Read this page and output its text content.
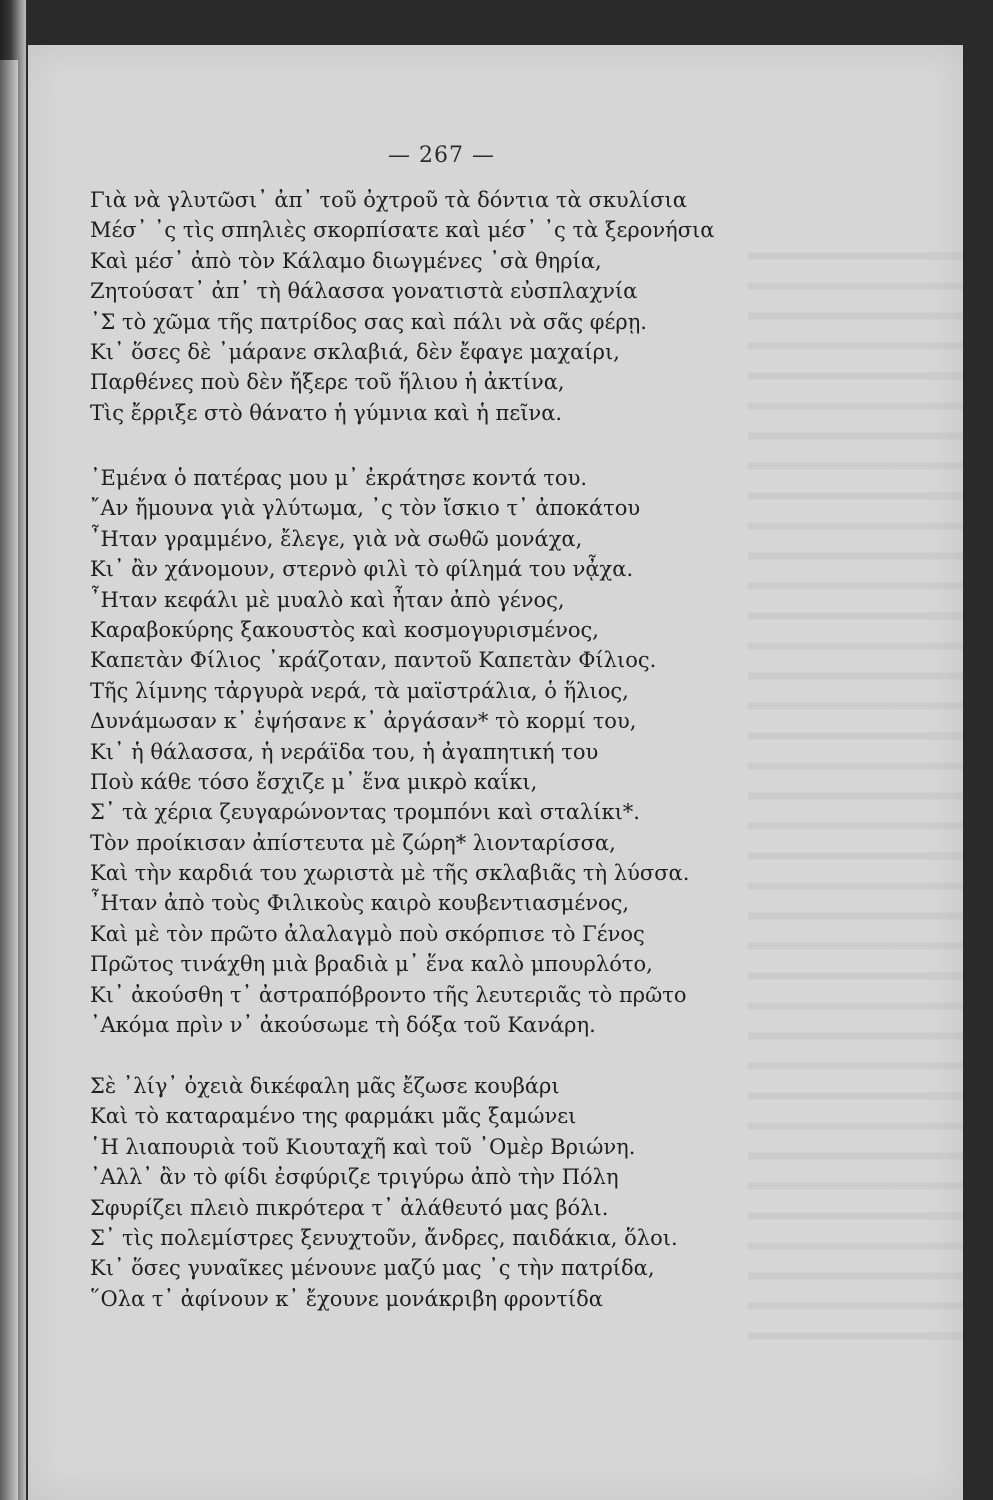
— 267 —
Γιὰ νὰ γλυτῶσι᾽ ἀπ᾽ τοῦ ὀχτροῦ τὰ δόντια τὰ σκυλίσια
Μέσ᾽ ᾽ς τὶς σπηλιὲς σκορπίσατε καὶ μέσ᾽ ᾽ς τὰ ξερονήσια
Καὶ μέσ᾽ ἀπὸ τὸν Κάλαμο διωγμένες ᾽σὰ θηρία,
Ζητούσατ᾽ ἀπ᾽ τὴ θάλασσα γονατιστὰ εὐσπλαχνία
᾽Σ τὸ χῶμα τῆς πατρίδος σας καὶ πάλι νὰ σᾶς φέρῃ.
Κι᾽ ὅσες δὲ ᾽μάρανε σκλαβιά, δὲν ἔφαγε μαχαίρι,
Παρθένες ποὺ δὲν ἤξερε τοῦ ἥλιου ἡ ἀκτίνα,
Τὶς ἔρριξε στὸ θάνατο ἡ γύμνια καὶ ἡ πεῖνα.
᾽Εμένα ὁ πατέρας μου μ᾽ ἐκράτησε κοντά του.
῎Αν ἤμουνα γιὰ γλύτωμα, ᾽ς τὸν ἴσκιο τ᾽ ἀποκάτου
῏Ηταν γραμμένο, ἔλεγε, γιὰ νὰ σωθῶ μονάχα,
Κι᾽ ἂν χάνομουν, στερνὸ φιλὶ τὸ φίλημά του νᾆχα.
῏Ηταν κεφάλι μὲ μυαλὸ καὶ ἦταν ἀπὸ γένος,
Καραβοκύρης ξακουστὸς καὶ κοσμογυρισμένος,
Καπετὰν Φίλιος ᾽κράζοταν, παντοῦ Καπετὰν Φίλιος.
Τῆς λίμνης τἀργυρὰ νερά, τὰ μαϊστράλια, ὁ ἥλιος,
Δυνάμωσαν κ᾽ ἐψήσανε κ᾽ ἀργάσαν* τὸ κορμί του,
Κι᾽ ἡ θάλασσα, ἡ νεράϊδα του, ἡ ἀγαπητική του
Ποὺ κάθε τόσο ἔσχιζε μ᾽ ἕνα μικρὸ καΐκι,
Σ᾽ τὰ χέρια ζευγαρώνοντας τρομπόνι καὶ σταλίκι*.
Τὸν προίκισαν ἀπίστευτα μὲ ζώρη* λιονταρίσσα,
Καὶ τὴν καρδιά του χωριστὰ μὲ τῆς σκλαβιᾶς τὴ λύσσα.
῏Ηταν ἀπὸ τοὺς Φιλικοὺς καιρὸ κουβεντιασμένος,
Καὶ μὲ τὸν πρῶτο ἀλαλαγμὸ ποὺ σκόρπισε τὸ Γένος
Πρῶτος τινάχθη μιὰ βραδιὰ μ᾽ ἕνα καλὸ μπουρλότο,
Κι᾽ ἀκούσθη τ᾽ ἀστραπόβροντο τῆς λευτεριᾶς τὸ πρῶτο
᾽Ακόμα πρὶν ν᾽ ἀκούσωμε τὴ δόξα τοῦ Κανάρη.
Σὲ ᾽λίγ᾽ ὀχειὰ δικέφαλη μᾶς ἔζωσε κουβάρι
Καὶ τὸ καταραμένο της φαρμάκι μᾶς ξαμώνει
῾Η λιαπουριὰ τοῦ Κιουταχῆ καὶ τοῦ ᾽Ομὲρ Βριώνη.
᾽Αλλ᾽ ἂν τὸ φίδι ἐσφύριζε τριγύρω ἀπὸ τὴν Πόλη
Σφυρίζει πλειὸ πικρότερα τ᾽ ἀλάθευτό μας βόλι.
Σ᾽ τὶς πολεμίστρες ξενυχτοῦν, ἄνδρες, παιδάκια, ὅλοι.
Κι᾽ ὅσες γυναῖκες μένουνε μαζύ μας ᾽ς τὴν πατρίδα,
῞Ολα τ᾽ ἀφίνουν κ᾽ ἔχουνε μονάκριβη φροντίδα
